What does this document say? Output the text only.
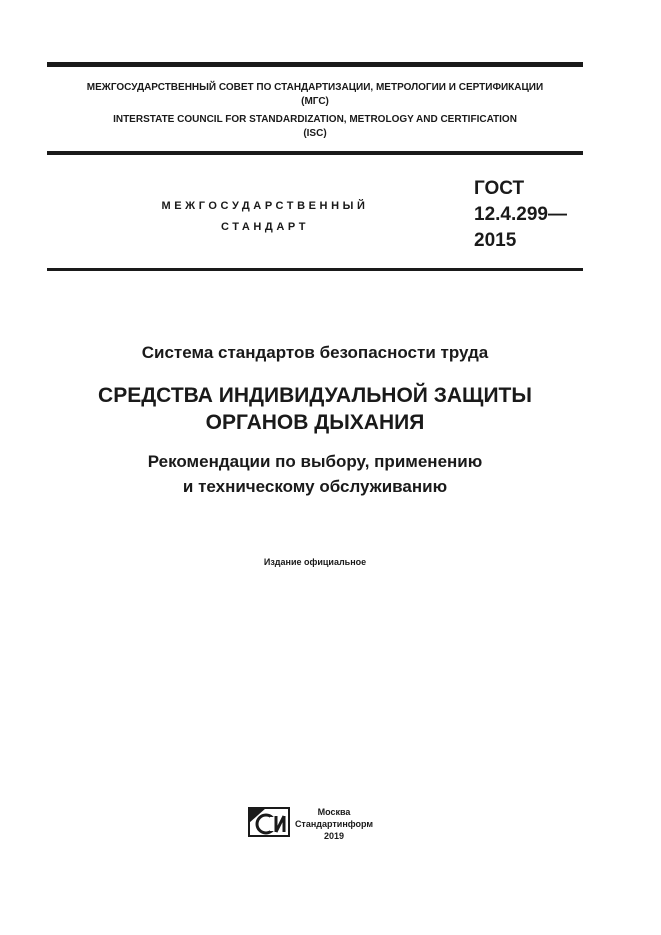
МЕЖГОСУДАРСТВЕННЫЙ СОВЕТ ПО СТАНДАРТИЗАЦИИ, МЕТРОЛОГИИ И СЕРТИФИКАЦИИ
(МГС)
INTERSTATE COUNCIL FOR STANDARDIZATION, METROLOGY AND CERTIFICATION
(ISC)
МЕЖГОСУДАРСТВЕННЫЙ
СТАНДАРТ
ГОСТ
12.4.299—
2015
Система стандартов безопасности труда
СРЕДСТВА ИНДИВИДУАЛЬНОЙ ЗАЩИТЫ
ОРГАНОВ ДЫХАНИЯ
Рекомендации по выбору, применению
и техническому обслуживанию
Издание официальное
Москва
Стандартинформ
2019
